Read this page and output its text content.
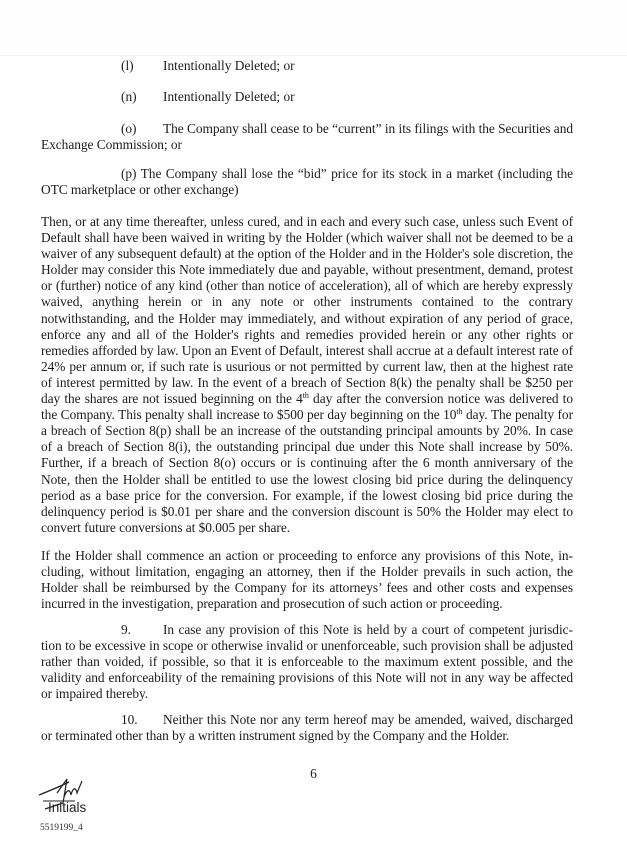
(l) Intentionally Deleted; or
(n) Intentionally Deleted; or
(o) The Company shall cease to be “current” in its filings with the Securities and Exchange Commission; or
(p) The Company shall lose the “bid” price for its stock in a market (including the OTC marketplace or other exchange)
Then, or at any time thereafter, unless cured, and in each and every such case, unless such Event of Default shall have been waived in writing by the Holder (which waiver shall not be deemed to be a waiver of any subsequent default) at the option of the Holder and in the Holder's sole discretion, the Holder may consider this Note immediately due and payable, without presentment, demand, protest or (further) notice of any kind (other than notice of acceleration), all of which are hereby expressly waived, anything herein or in any note or other instruments contained to the contrary notwithstanding, and the Holder may immediately, and without expiration of any period of grace, enforce any and all of the Holder's rights and remedies provided herein or any other rights or remedies afforded by law. Upon an Event of Default, interest shall accrue at a default interest rate of 24% per annum or, if such rate is usurious or not permitted by current law, then at the highest rate of interest permitted by law. In the event of a breach of Section 8(k) the penalty shall be $250 per day the shares are not issued beginning on the 4th day after the conversion notice was delivered to the Company. This penalty shall increase to $500 per day beginning on the 10th day. The penalty for a breach of Section 8(p) shall be an increase of the outstanding principal amounts by 20%. In case of a breach of Section 8(i), the outstanding principal due under this Note shall increase by 50%. Further, if a breach of Section 8(o) occurs or is continuing after the 6 month anniversary of the Note, then the Holder shall be entitled to use the lowest closing bid price during the delinquency period as a base price for the conversion. For example, if the lowest closing bid price during the delinquency period is $0.01 per share and the conversion discount is 50% the Holder may elect to convert future conversions at $0.005 per share.
If the Holder shall commence an action or proceeding to enforce any provisions of this Note, including, without limitation, engaging an attorney, then if the Holder prevails in such action, the Holder shall be reimbursed by the Company for its attorneys’ fees and other costs and expenses incurred in the investigation, preparation and prosecution of such action or proceeding.
9. In case any provision of this Note is held by a court of competent jurisdiction to be excessive in scope or otherwise invalid or unenforceable, such provision shall be adjusted rather than voided, if possible, so that it is enforceable to the maximum extent possible, and the validity and enforceability of the remaining provisions of this Note will not in any way be affected or impaired thereby.
10. Neither this Note nor any term hereof may be amended, waived, discharged or terminated other than by a written instrument signed by the Company and the Holder.
6
Initials
5519199_4
